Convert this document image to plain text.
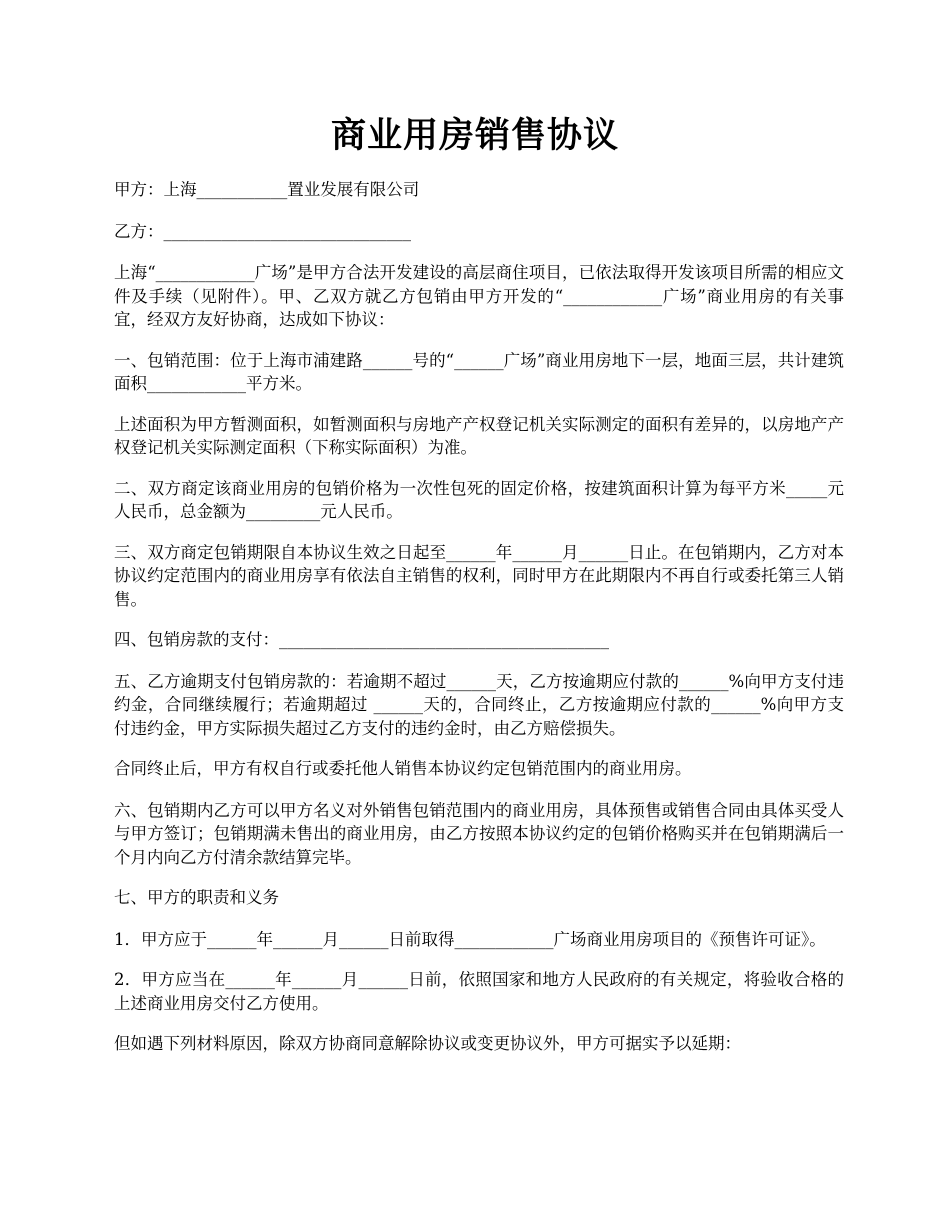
商业用房销售协议

甲方：上海___________置业发展有限公司

乙方：______________________________

上海“____________广场”是甲方合法开发建设的高层商住项目，已依法取得开发该项目所需的相应文件及手续（见附件）。甲、乙双方就乙方包销由甲方开发的“____________广场”商业用房的有关事宜，经双方友好协商，达成如下协议：

一、包销范围：位于上海市浦建路______号的“______广场”商业用房地下一层，地面三层，共计建筑面积____________平方米。

上述面积为甲方暂测面积，如暂测面积与房地产产权登记机关实际测定的面积有差异的，以房地产产权登记机关实际测定面积（下称实际面积）为准。

二、双方商定该商业用房的包销价格为一次性包死的固定价格，按建筑面积计算为每平方米_____元人民币，总金额为_________元人民币。

三、双方商定包销期限自本协议生效之日起至______年______月______日止。在包销期内，乙方对本协议约定范围内的商业用房享有依法自主销售的权利，同时甲方在此期限内不再自行或委托第三人销售。

四、包销房款的支付：________________________________________

五、乙方逾期支付包销房款的：若逾期不超过______天，乙方按逾期应付款的______%向甲方支付违约金，合同继续履行；若逾期超过 ______天的，合同终止，乙方按逾期应付款的______%向甲方支付违约金，甲方实际损失超过乙方支付的违约金时，由乙方赔偿损失。

合同终止后，甲方有权自行或委托他人销售本协议约定包销范围内的商业用房。

六、包销期内乙方可以甲方名义对外销售包销范围内的商业用房，具体预售或销售合同由具体买受人与甲方签订；包销期满未售出的商业用房，由乙方按照本协议约定的包销价格购买并在包销期满后一个月内向乙方付清余款结算完毕。

七、甲方的职责和义务

1．甲方应于______年______月______日前取得____________广场商业用房项目的《预售许可证》。

2．甲方应当在______年______月______日前，依照国家和地方人民政府的有关规定，将验收合格的上述商业用房交付乙方使用。

但如遇下列材料原因，除双方协商同意解除协议或变更协议外，甲方可据实予以延期：
